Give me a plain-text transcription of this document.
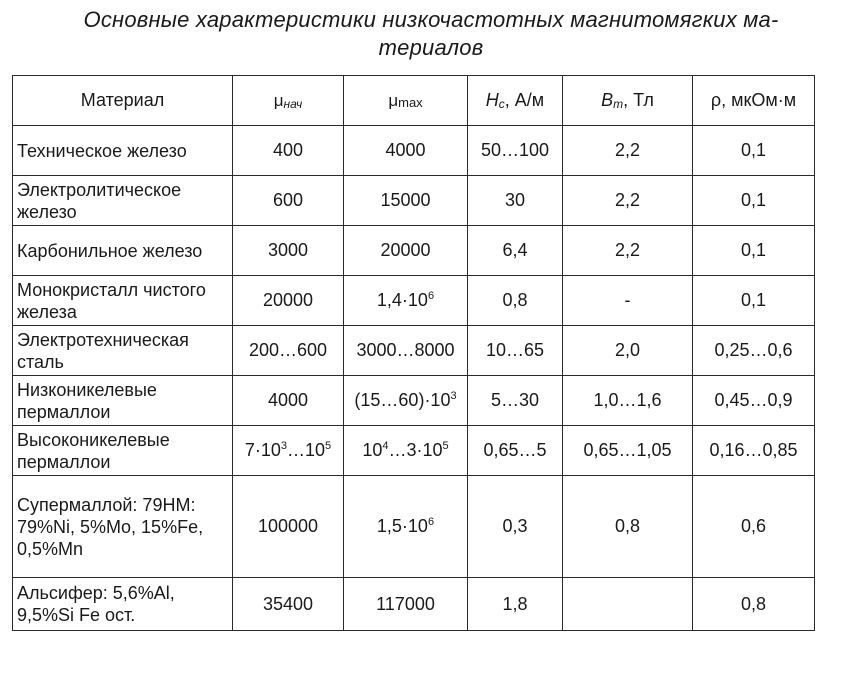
Основные характеристики низкочастотных магнитомягких ма-
териалов
Материал	μнач	μmax	Hc, А/м	Bm, Тл	ρ, мкОм·м
Техническое железо	400	4000	50…100	2,2	0,1
Электролитическое железо	600	15000	30	2,2	0,1
Карбонильное железо	3000	20000	6,4	2,2	0,1
Монокристалл чистого железа	20000	$1,4\cdot 10^6$	0,8	-	0,1
Электротехническая сталь	200…600	3000…8000	10…65	2,0	0,25…0,6
Низконикелевые пермаллои	4000	$(15\dots 60)\cdot 10^3$	5…30	1,0…1,6	0,45…0,9
Высоконикелевые пермаллои	$7\cdot 10^3\dots 10^5$	$10^4\dots 3\cdot 10^5$	0,65…5	0,65…1,05	0,16…0,85
Супермаллой: 79НМ: 79%Ni, 5%Mo, 15%Fe, 0,5%Mn	100000	$1,5\cdot 10^6$	0,3	0,8	0,6
Альсифер: 5,6%Al, 9,5%Si Fe ост.	35400	117000	1,8		0,8
